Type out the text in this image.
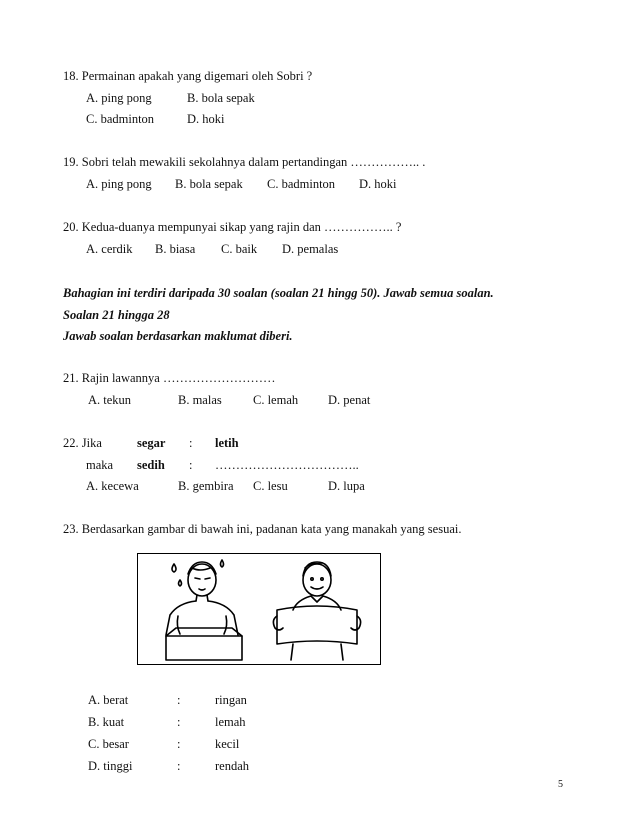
18. Permainan apakah yang digemari oleh Sobri ?
A. ping pong	B. bola sepak
C. badminton	D. hoki
19. Sobri telah mewakili sekolahnya dalam pertandingan …………….. .
A. ping pong B. bola sepak C. badminton D. hoki
20. Kedua-duanya mempunyai sikap yang rajin dan …………….. ?
A. cerdik B. biasa C. baik D. pemalas
Bahagian ini terdiri daripada 30 soalan (soalan 21 hingg 50). Jawab semua soalan.
Soalan 21 hingga 28
Jawab soalan berdasarkan maklumat diberi.
21. Rajin lawannya ………………………
A. tekun	B. malas	C. lemah D. penat
22. Jika	segar : letih
maka sedih : ……………………………..
A. kecewa	B. gembira C. lesu	D. lupa
23. Berdasarkan gambar di bawah ini, padanan kata yang manakah yang sesuai.
A. berat	:	ringan
B. kuat	:	lemah
C. besar	:	kecil
D. tinggi	:	rendah
5
